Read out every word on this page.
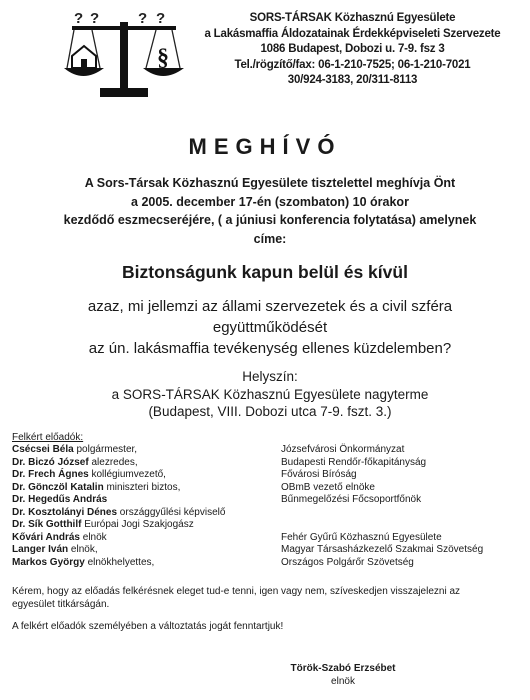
? ?	? ?
§
SORS-TÁRSAK Közhasznú Egyesülete
a Lakásmaffia Áldozatainak Érdekképviseleti Szervezete
1086 Budapest, Dobozi u. 7-9. fsz 3
Tel./rögzítő/fax: 06-1-210-7525; 06-1-210-7021
30/924-3183, 20/311-8113
MEGHÍVÓ
A Sors-Társak Közhasznú Egyesülete tisztelettel meghívja Önt
a 2005. december 17-én (szombaton) 10 órakor
kezdődő eszmecseréjére, ( a júniusi konferencia folytatása) amelynek
címe:
Biztonságunk kapun belül és kívül
azaz, mi jellemzi az állami szervezetek és a civil szféra
együttműködését
az ún. lakásmaffia tevékenység ellenes küzdelemben?
Helyszín:
a SORS-TÁRSAK Közhasznú Egyesülete nagyterme
(Budapest, VIII. Dobozi utca 7-9. fszt. 3.)
Felkért előadók:
Csécsei Béla polgármester,	Józsefvárosi Önkormányzat
Dr. Biczó József alezredes,	Budapesti Rendőr-főkapitányság
Dr. Frech Ágnes kollégiumvezető,	Fővárosi Bíróság
Dr. Gönczöl Katalin miniszteri biztos,	OBmB vezető elnöke
Dr. Hegedűs András	Bűnmegelőzési Főcsoportfőnök
Dr. Kosztolányi Dénes országgyűlési képviselő
Dr. Sík Gotthilf Európai Jogi Szakjogász
Kővári András elnök	Fehér Gyűrű Közhasznú Egyesülete
Langer Iván elnök,	Magyar Társasházkezelő Szakmai Szövetség
Markos György elnökhelyettes,	Országos Polgárőr Szövetség
Kérem, hogy az előadás felkérésnek eleget tud-e tenni, igen vagy nem, szíveskedjen visszajelezni az
egyesület titkárságán.
A felkért előadók személyében a változtatás jogát fenntartjuk!
Török-Szabó Erzsébet
elnök
